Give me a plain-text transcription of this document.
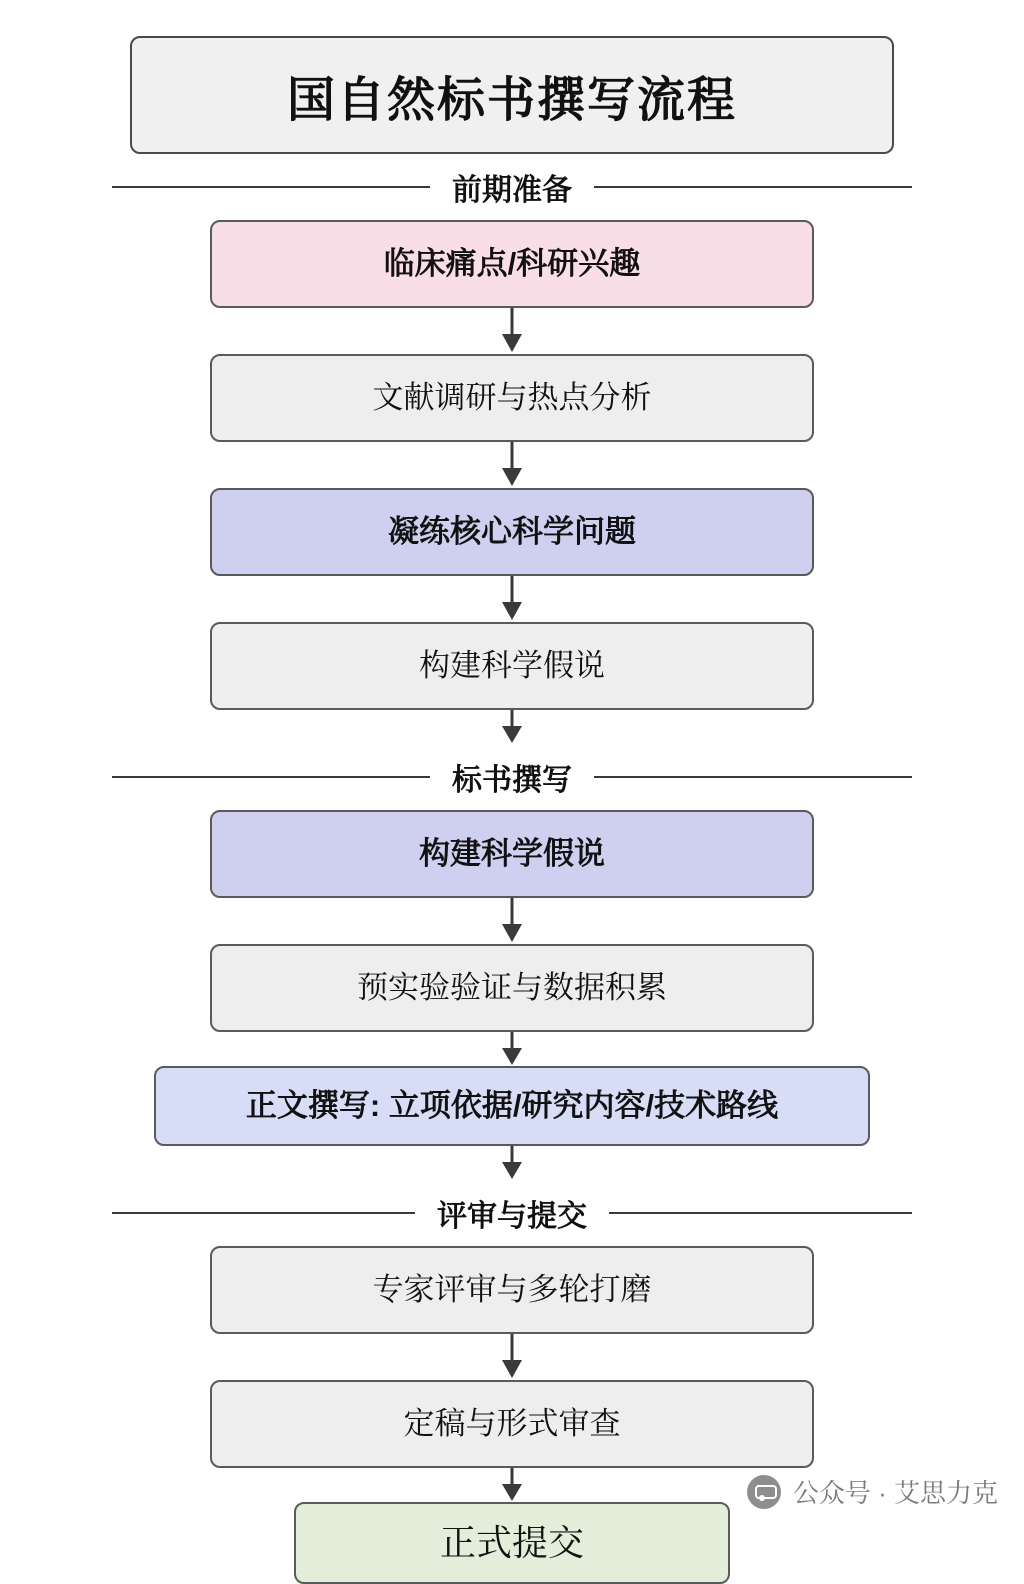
国自然标书撰写流程
前期准备
临床痛点/科研兴趣
文献调研与热点分析
凝练核心科学问题
构建科学假说
标书撰写
构建科学假说
预实验验证与数据积累
正文撰写: 立项依据/研究内容/技术路线
评审与提交
专家评审与多轮打磨
定稿与形式审查
正式提交
公众号 · 艾思力克
